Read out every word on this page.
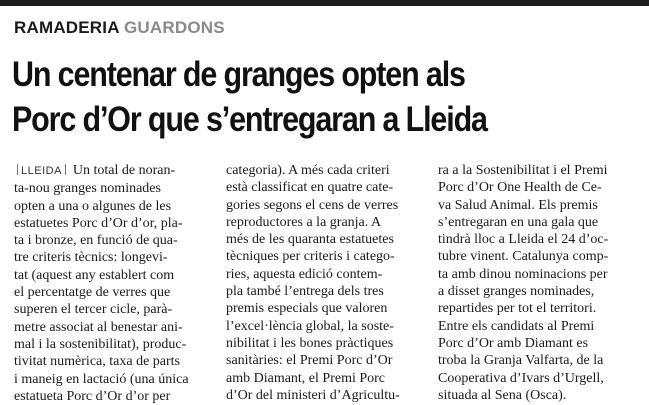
RAMADERIA GUARDONS
Un centenar de granges opten als
Porc d’Or que s’entregaran a Lleida
LLEIDA Un total de noran-
ta-nou granges nominades
opten a una o algunes de les
estatuetes Porc d’Or d’or, pla-
ta i bronze, en funció de qua-
tre criteris tècnics: longevi-
tat (aquest any establert com
el percentatge de verres que
superen el tercer cicle, parà-
metre associat al benestar ani-
mal i la sostenibilitat), produc-
tivitat numèrica, taxa de parts
i maneig en lactació (una única
estatueta Porc d’Or d’or per
categoria). A més cada criteri
està classificat en quatre cate-
gories segons el cens de verres
reproductores a la granja. A
més de les quaranta estatuetes
tècniques per criteris i catego-
ries, aquesta edició contem-
pla també l’entrega dels tres
premis especials que valoren
l’excel·lència global, la soste-
nibilitat i les bones pràctiques
sanitàries: el Premi Porc d’Or
amb Diamant, el Premi Porc
d’Or del ministeri d’Agricultu-
ra a la Sostenibilitat i el Premi
Porc d’Or One Health de Ce-
va Salud Animal. Els premis
s’entregaran en una gala que
tindrà lloc a Lleida el 24 d’oc-
tubre vinent. Catalunya comp-
ta amb dinou nominacions per
a disset granges nominades,
repartides per tot el territori.
Entre els candidats al Premi
Porc d’Or amb Diamant es
troba la Granja Valfarta, de la
Cooperativa d’Ivars d’Urgell,
situada al Sena (Osca).
